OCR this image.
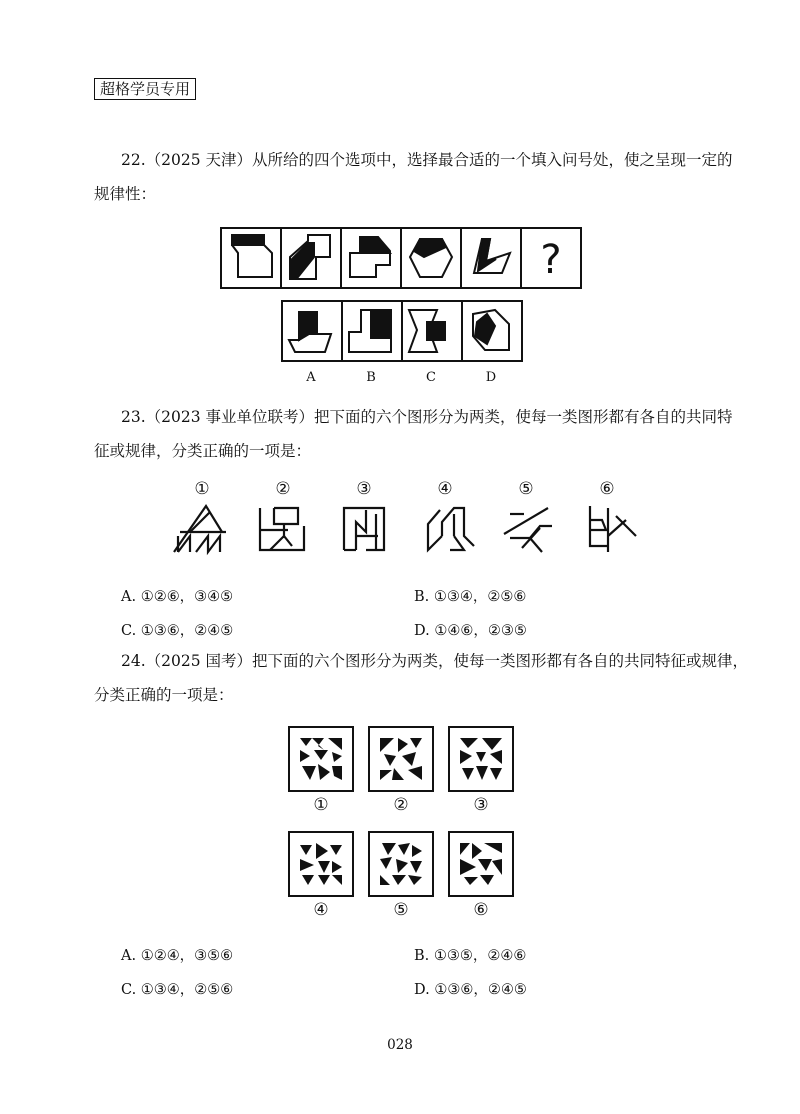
超格学员专用
22.（2025 天津）从所给的四个选项中，选择最合适的一个填入问号处，使之呈现一定的
规律性：
?
A	B	C	D
23.（2023 事业单位联考）把下面的六个图形分为两类，使每一类图形都有各自的共同特
征或规律，分类正确的一项是：
①	②	③	④	⑤	⑥
A. ①②⑥，③④⑤	B. ①③④，②⑤⑥
C. ①③⑥，②④⑤	D. ①④⑥，②③⑤
24.（2025 国考）把下面的六个图形分为两类，使每一类图形都有各自的共同特征或规律，
分类正确的一项是：
①	②	③
④	⑤	⑥
A. ①②④，③⑤⑥	B. ①③⑤，②④⑥
C. ①③④，②⑤⑥	D. ①③⑥，②④⑤
028
